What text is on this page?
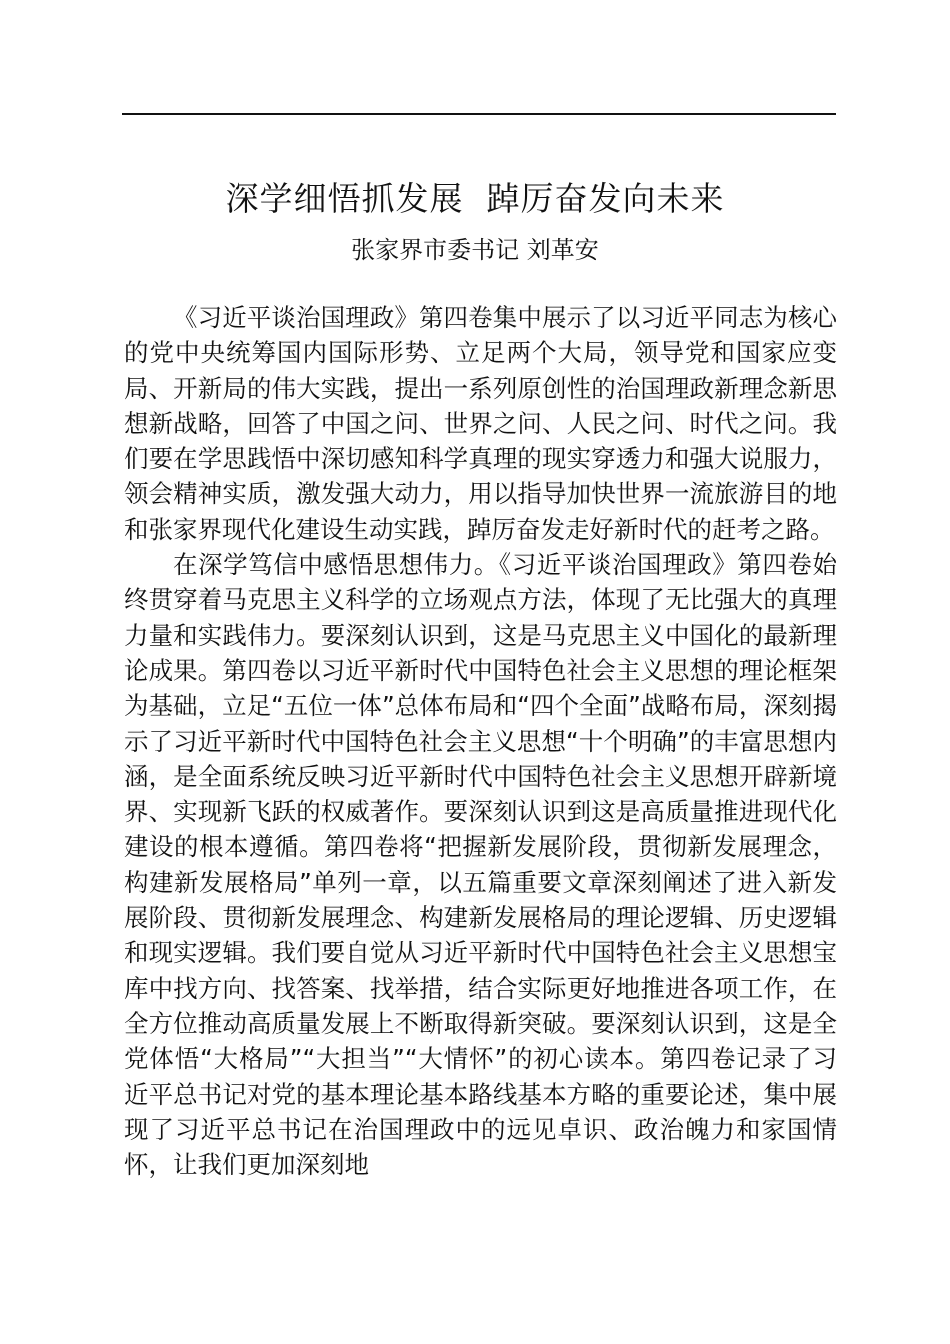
深学细悟抓发展  踔厉奋发向未来
张家界市委书记 刘革安

《习近平谈治国理政》第四卷集中展示了以习近平同志为核心的党中央统筹国内国际形势、立足两个大局，领导党和国家应变局、开新局的伟大实践，提出一系列原创性的治国理政新理念新思想新战略，回答了中国之问、世界之问、人民之问、时代之问。我们要在学思践悟中深切感知科学真理的现实穿透力和强大说服力，领会精神实质，激发强大动力，用以指导加快世界一流旅游目的地和张家界现代化建设生动实践，踔厉奋发走好新时代的赶考之路。

在深学笃信中感悟思想伟力。《习近平谈治国理政》第四卷始终贯穿着马克思主义科学的立场观点方法，体现了无比强大的真理力量和实践伟力。要深刻认识到，这是马克思主义中国化的最新理论成果。第四卷以习近平新时代中国特色社会主义思想的理论框架为基础，立足“五位一体”总体布局和“四个全面”战略布局，深刻揭示了习近平新时代中国特色社会主义思想“十个明确”的丰富思想内涵，是全面系统反映习近平新时代中国特色社会主义思想开辟新境界、实现新飞跃的权威著作。要深刻认识到这是高质量推进现代化建设的根本遵循。第四卷将“把握新发展阶段，贯彻新发展理念，构建新发展格局”单列一章，以五篇重要文章深刻阐述了进入新发展阶段、贯彻新发展理念、构建新发展格局的理论逻辑、历史逻辑和现实逻辑。我们要自觉从习近平新时代中国特色社会主义思想宝库中找方向、找答案、找举措，结合实际更好地推进各项工作，在全方位推动高质量发展上不断取得新突破。要深刻认识到，这是全党体悟“大格局”“大担当”“大情怀”的初心读本。第四卷记录了习近平总书记对党的基本理论基本路线基本方略的重要论述，集中展现了习近平总书记在治国理政中的远见卓识、政治魄力和家国情怀，让我们更加深刻地
